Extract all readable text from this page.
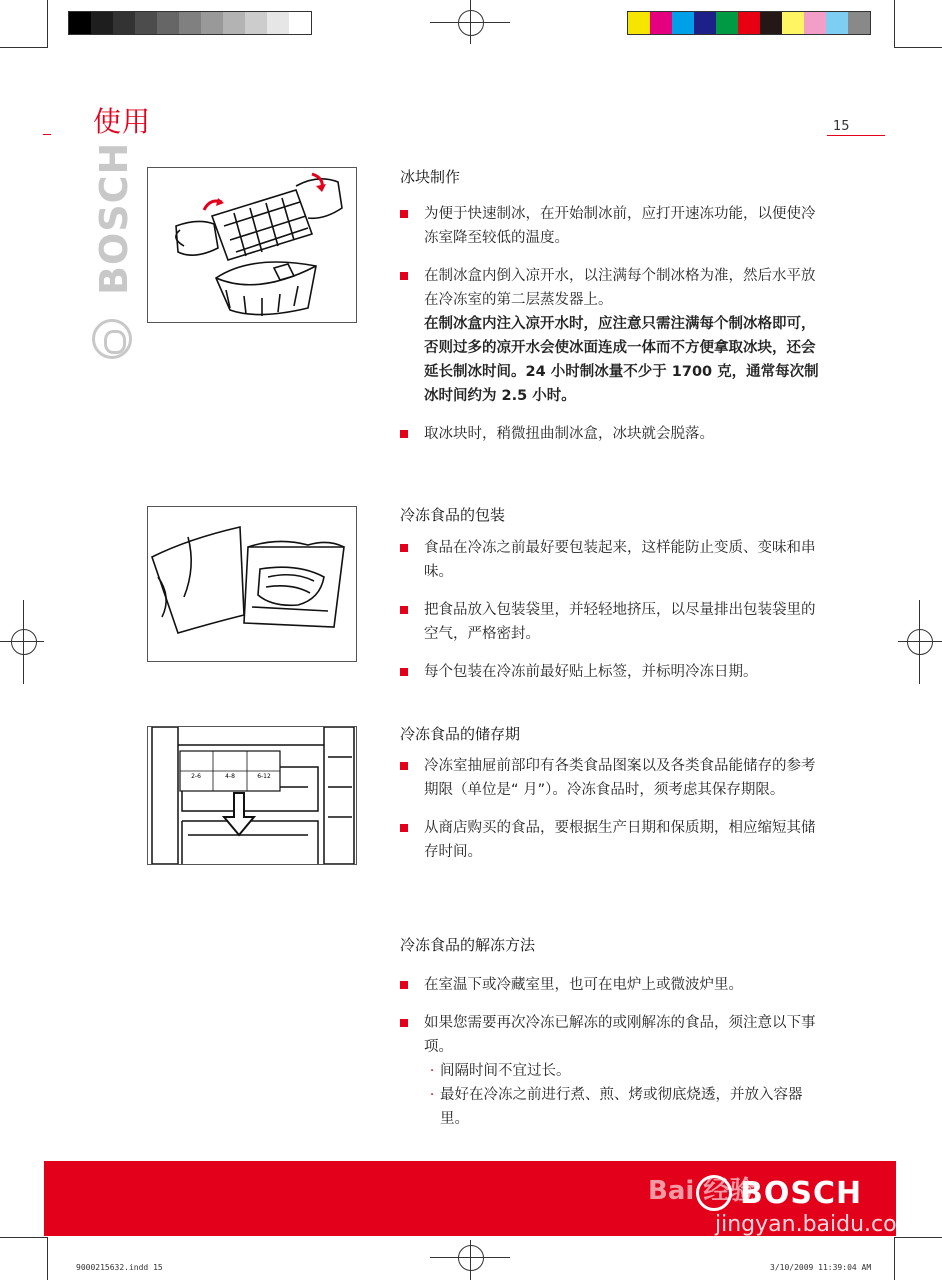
使用	15
BOSCH
2-6	4-8	6-12
冰块制作
为便于快速制冰，在开始制冰前，应打开速冻功能，以便使冷冻室降至较低的温度。
在制冰盒内倒入凉开水，以注满每个制冰格为准，然后水平放在冷冻室的第二层蒸发器上。
在制冰盒内注入凉开水时，应注意只需注满每个制冰格即可，否则过多的凉开水会使冰面连成一体而不方便拿取冰块，还会延长制冰时间。24 小时制冰量不少于 1700 克，通常每次制冰时间约为 2.5 小时。
取冰块时，稍微扭曲制冰盒，冰块就会脱落。
冷冻食品的包装
食品在冷冻之前最好要包装起来，这样能防止变质、变味和串味。
把食品放入包装袋里，并轻轻地挤压，以尽量排出包装袋里的空气，严格密封。
每个包装在冷冻前最好贴上标签，并标明冷冻日期。
冷冻食品的储存期
冷冻室抽屉前部印有各类食品图案以及各类食品能储存的参考期限（单位是“ 月”）。冷冻食品时，须考虑其保存期限。
从商店购买的食品，要根据生产日期和保质期，相应缩短其储存时间。
冷冻食品的解冻方法
在室温下或冷藏室里，也可在电炉上或微波炉里。
如果您需要再次冷冻已解冻的或刚解冻的食品，须注意以下事项。
· 间隔时间不宜过长。
· 最好在冷冻之前进行煮、煎、烤或彻底烧透，并放入容器里。
BOSCH
Bai 经验
jingyan.baidu.com
9000215632.indd 15	3/10/2009 11:39:04 AM
